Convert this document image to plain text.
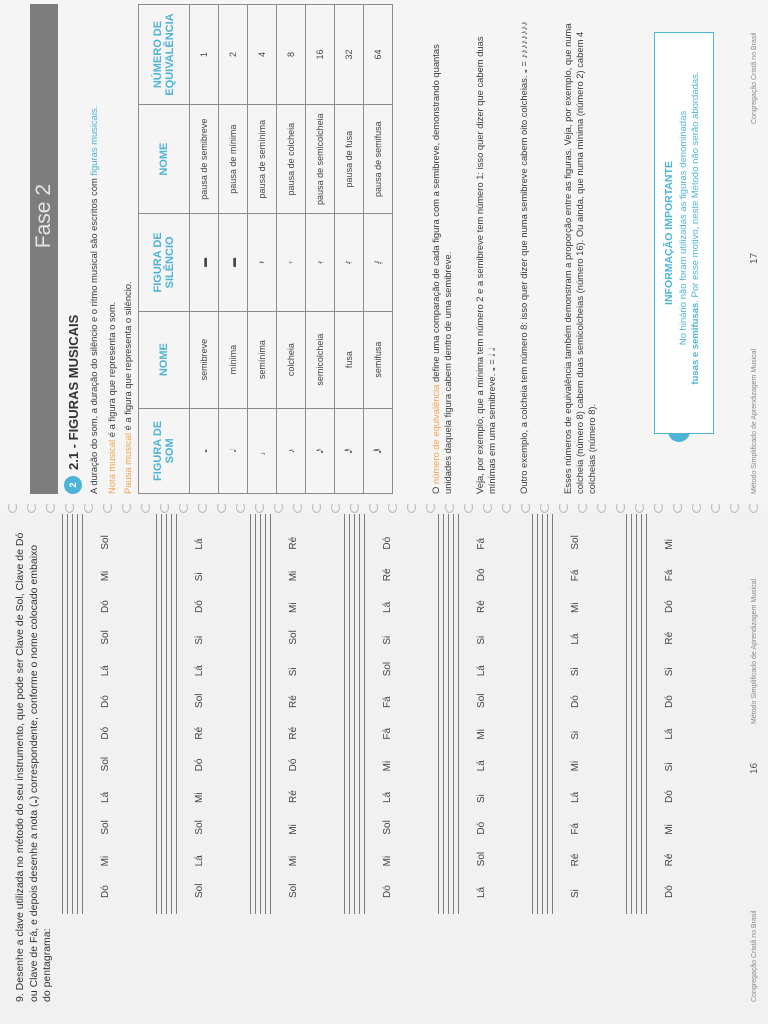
9. Desenhe a clave utilizada no método do seu instrumento, que pode ser Clave de Sol, Clave de Dó ou Clave de Fá, e depois desenhe a nota (𝅝) correspondente, conforme o nome colocado embaixo do pentagrama:
Dó
Mi
Sol
Lá
Sol
Dó
Dó
Lá
Sol
Dó
Mi
Sol
Sol
Lá
Sol
Mi
Dó
Ré
Sol
Lá
Si
Dó
Si
Lá
Sol
Mi
Mi
Ré
Dó
Ré
Ré
Si
Sol
Mi
Mi
Ré
Dó
Mi
Sol
Lá
Mi
Fá
Fá
Sol
Si
Lá
Ré
Dó
Lá
Sol
Dó
Si
Lá
Mi
Sol
Lá
Si
Ré
Dó
Fá
Si
Ré
Fá
Lá
Mi
Si
Dó
Si
Lá
Mi
Fá
Sol
Dó
Ré
Mi
Dó
Si
Lá
Dó
Si
Ré
Dó
Fá
Mi
Congregação Cristã no Brasil
16
Método Simplificado de Aprendizagem Musical
Fase 2
2
2.1 - FIGURAS MUSICAIS A duração do som, a duração do silêncio e o ritmo musical são escritos com figuras musicais.
Nota musical é a figura que representa o som.
Pausa musical é a figura que representa o silêncio.
FIGURA DE SOM	NOME	FIGURA DE SILÊNCIO	NOME	NÚMERO DE EQUIVALÊNCIA
𝅝	semibreve	▬	pausa de semibreve	1
𝅗𝅥	mínima	▬	pausa de mínima	2
♩	semínima	𝄽	pausa de semínima	4
♪	colcheia	𝄾	pausa de colcheia	8
𝅘𝅥𝅯	semicolcheia	𝄿	pausa de semicolcheia	16
𝅘𝅥𝅰	fusa	𝅀	pausa de fusa	32
𝅘𝅥𝅱	semifusa	𝅁	pausa de semifusa	64
O número de equivalência define uma comparação de cada figura com a semibreve, demonstrando quantas unidades daquela figura cabem dentro de uma semibreve. Veja, por exemplo, que a mínima tem número 2 e a semibreve tem número 1: isso quer dizer que cabem duas mínimas em uma semibreve. 𝅝 = 𝅗𝅥 𝅗𝅥 Outro exemplo, a colcheia tem número 8: isso quer dizer que numa semibreve cabem oito colcheias. 𝅝 = ♪♪♪♪♪♪♪♪	Esses números de equivalência também demonstram a proporção entre as figuras. Veja, por exemplo, que numa colcheia (número 8) cabem duas semicolcheias (número 16). Ou ainda, que numa mínima (número 2) cabem 4 colcheias (número 8).
INFORMAÇÃO IMPORTANTE No hinário não foram utilizadas as figuras denominadas
fusas e semifusas. Por esse motivo, neste Método não serão abordadas.
Método Simplificado de Aprendizagem Musical
17
Congregação Cristã no Brasil
